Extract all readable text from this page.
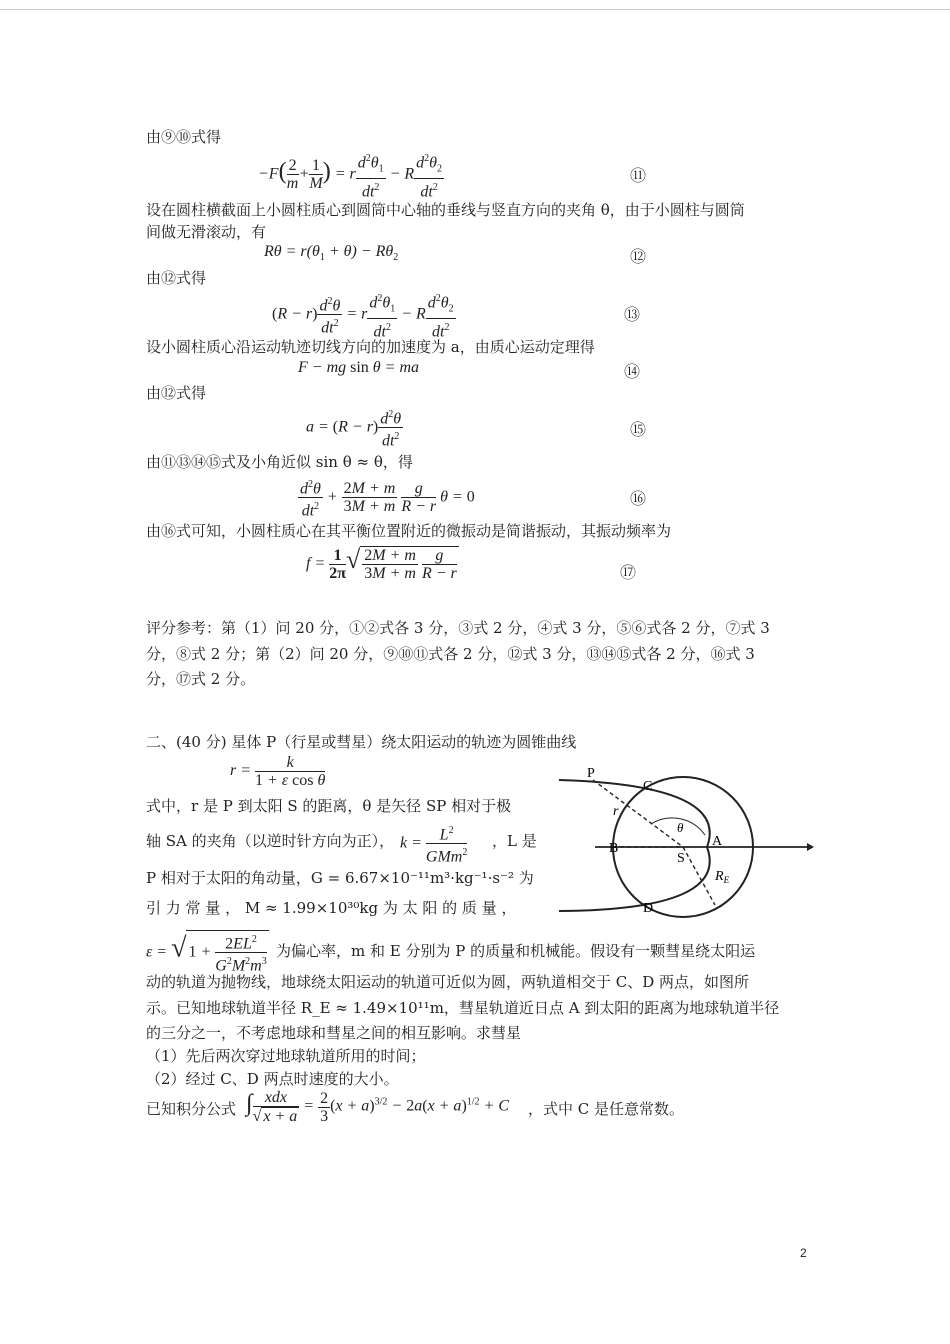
由⑨⑩式得
$-F( \frac{2}{m} + \frac{1}{M}$ ) = r $\frac{d^2\theta_1}{dt^2} - R \frac{d^2\theta_2}{dt^2}$	⑪
设在圆柱横截面上小圆柱质心到圆筒中心轴的垂线与竖直方向的夹角 θ，由于小圆柱与圆筒
间做无滑滚动，有
$R\theta = r(\theta_1 + \theta) - R\theta_2$	⑫
由⑫式得
$(R - r) \frac{d^2\theta}{dt^2} = r \frac{d^2\theta_1}{dt^2} - R \frac{d^2\theta_2}{dt^2}$	⑬
设小圆柱质心沿运动轨迹切线方向的加速度为 a，由质心运动定理得
F − mg sin θ = ma	⑭
由⑫式得
$a = (R - r) \frac{d^2\theta}{dt^2}$	⑮
由⑪⑬⑭⑮式及小角近似 sin θ ≈ θ，得
$\frac{d^2\theta}{dt^2} + \frac{2M + m}{3M + m}$
$\frac{g}{R - r}$ θ = 0	⑯
由⑯式可知，小圆柱质心在其平衡位置附近的微振动是简谐振动，其振动频率为
$f = \frac{1}{2\pi}$ √ $\frac{2M + m}{3M + m}$
$\frac{g}{R - r}$	⑰
评分参考：第（1）问 20 分，①②式各 3 分，③式 2 分，④式 3 分，⑤⑥式各 2 分，⑦式 3
分，⑧式 2 分；第（2）问 20 分，⑨⑩⑪式各 2 分，⑫式 3 分，⑬⑭⑮式各 2 分，⑯式 3
分，⑰式 2 分。
二、(40 分) 星体 P（行星或彗星）绕太阳运动的轨迹为圆锥曲线
$r = \frac{k}{\text{1 + ε cos θ}}$
式中，r 是 P 到太阳 S 的距离，θ 是矢径 SP 相对于极
轴 SA 的夹角（以逆时针方向为正）， $k = \frac{L^2}{GMm^2}$ ，L 是
P 相对于太阳的角动量，G = 6.67×10⁻¹¹m³·kg⁻¹·s⁻² 为
引 力 常 量 ， M ≈ 1.99×10³⁰kg 为 太 阳 的 质 量 ，
ε = √ $1 + \frac{2EL^2}{G^2M^2m^3}$ 为偏心率，m 和 E 分别为 P 的质量和机械能。假设有一颗彗星绕太阳运
动的轨道为抛物线，地球绕太阳运动的轨道可近似为圆，两轨道相交于 C、D 两点，如图所
示。已知地球轨道半径 R_E ≈ 1.49×10¹¹m，彗星轨道近日点 A 到太阳的距离为地球轨道半径
的三分之一，不考虑地球和彗星之间的相互影响。求彗星
（1）先后两次穿过地球轨道所用的时间；
（2）经过 C、D 两点时速度的大小。
已知积分公式 ∫ $\frac{\text{xdx}}{√ x + a} = \frac{2}{3} (x + a)^{3/2} - 2a(x + a)^{1/2} + C$ ，式中 C 是任意常数。
P
C
r
θ
A
B
S
$R_E$
D
2
